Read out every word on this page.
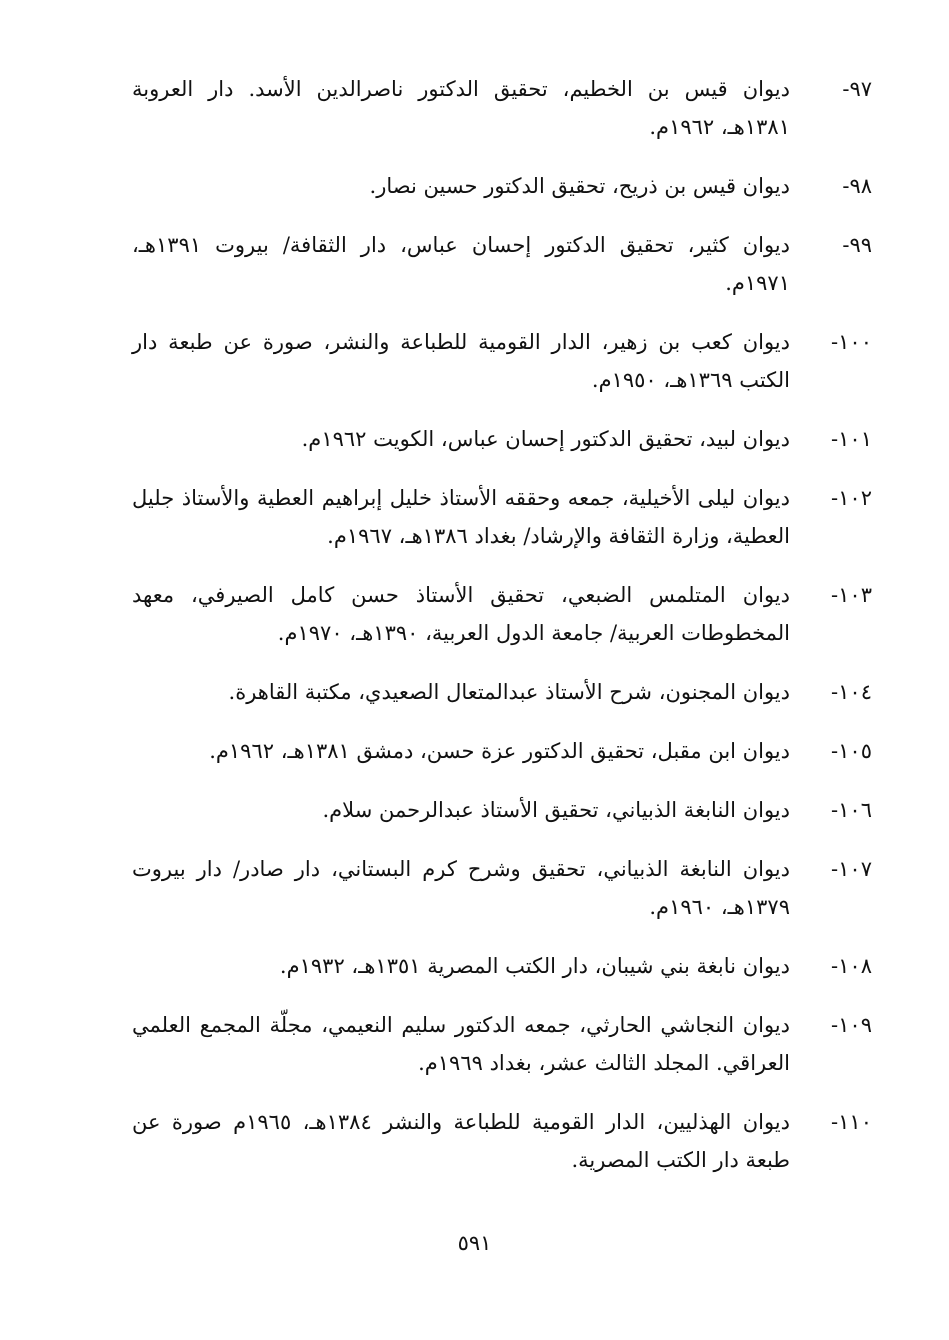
٩٧-
ديوان قيس بن الخطيم، تحقيق الدكتور ناصرالدين الأسد. دار العروبة ١٣٨١هـ، ١٩٦٢م.
٩٨-
ديوان قيس بن ذريح، تحقيق الدكتور حسين نصار.
٩٩-
ديوان كثير، تحقيق الدكتور إحسان عباس، دار الثقافة/ بيروت ١٣٩١هـ، ١٩٧١م.
١٠٠-
ديوان كعب بن زهير، الدار القومية للطباعة والنشر، صورة عن طبعة دار الكتب ١٣٦٩هـ، ١٩٥٠م.
١٠١-
ديوان لبيد، تحقيق الدكتور إحسان عباس، الكويت ١٩٦٢م.
١٠٢-
ديوان ليلى الأخيلية، جمعه وحققه الأستاذ خليل إبراهيم العطية والأستاذ جليل العطية، وزارة الثقافة والإرشاد/ بغداد ١٣٨٦هـ، ١٩٦٧م.
١٠٣-
ديوان المتلمس الضبعي، تحقيق الأستاذ حسن كامل الصيرفي، معهد المخطوطات العربية/ جامعة الدول العربية، ١٣٩٠هـ، ١٩٧٠م.
١٠٤-
ديوان المجنون، شرح الأستاذ عبدالمتعال الصعيدي، مكتبة القاهرة.
١٠٥-
ديوان ابن مقبل، تحقيق الدكتور عزة حسن، دمشق ١٣٨١هـ، ١٩٦٢م.
١٠٦-
ديوان النابغة الذبياني، تحقيق الأستاذ عبدالرحمن سلام.
١٠٧-
ديوان النابغة الذبياني، تحقيق وشرح كرم البستاني، دار صادر/ دار بيروت ١٣٧٩هـ، ١٩٦٠م.
١٠٨-
ديوان نابغة بني شيبان، دار الكتب المصرية ١٣٥١هـ، ١٩٣٢م.
١٠٩-
ديوان النجاشي الحارثي، جمعه الدكتور سليم النعيمي، مجلّة المجمع العلمي العراقي. المجلد الثالث عشر، بغداد ١٩٦٩م.
١١٠-
ديوان الهذليين، الدار القومية للطباعة والنشر ١٣٨٤هـ، ١٩٦٥م صورة عن طبعة دار الكتب المصرية.
٥٩١
